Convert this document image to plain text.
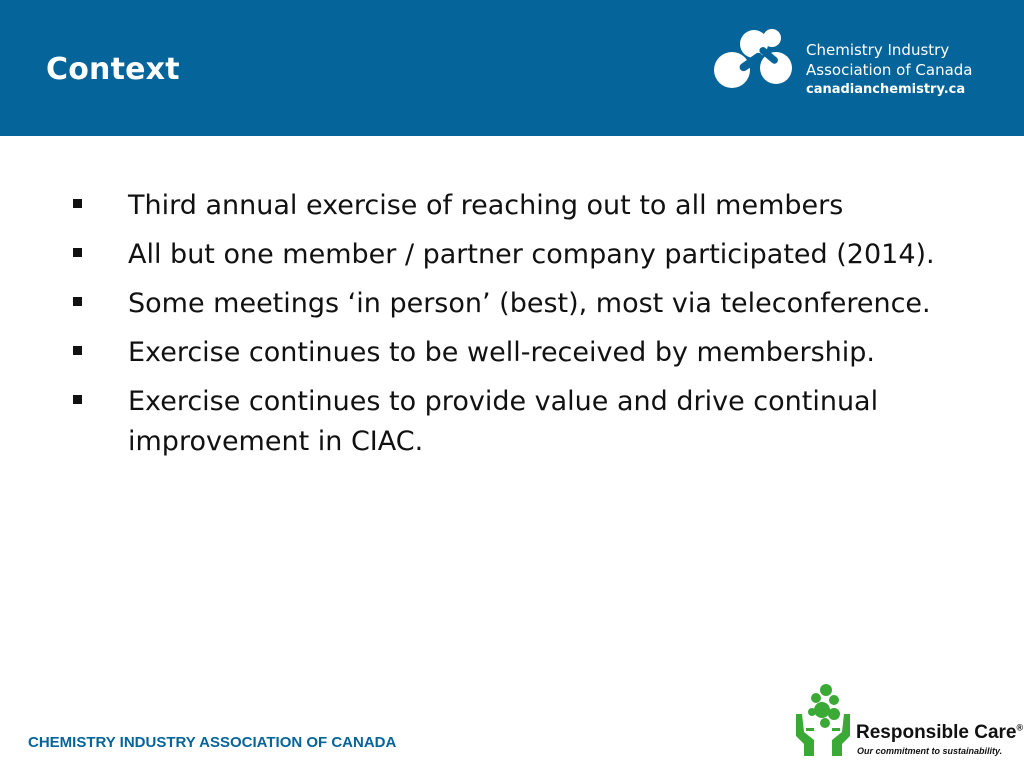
Context
Chemistry Industry
Association of Canada
canadianchemistry.ca
Third annual exercise of reaching out to all members
All but one member / partner company participated (2014).
Some meetings ‘in person’ (best), most via teleconference.
Exercise continues to be well-received by membership.
Exercise continues to provide value and drive continual improvement in CIAC.
CHEMISTRY INDUSTRY ASSOCIATION OF CANADA	Responsible Care®
Our commitment to sustainability.
